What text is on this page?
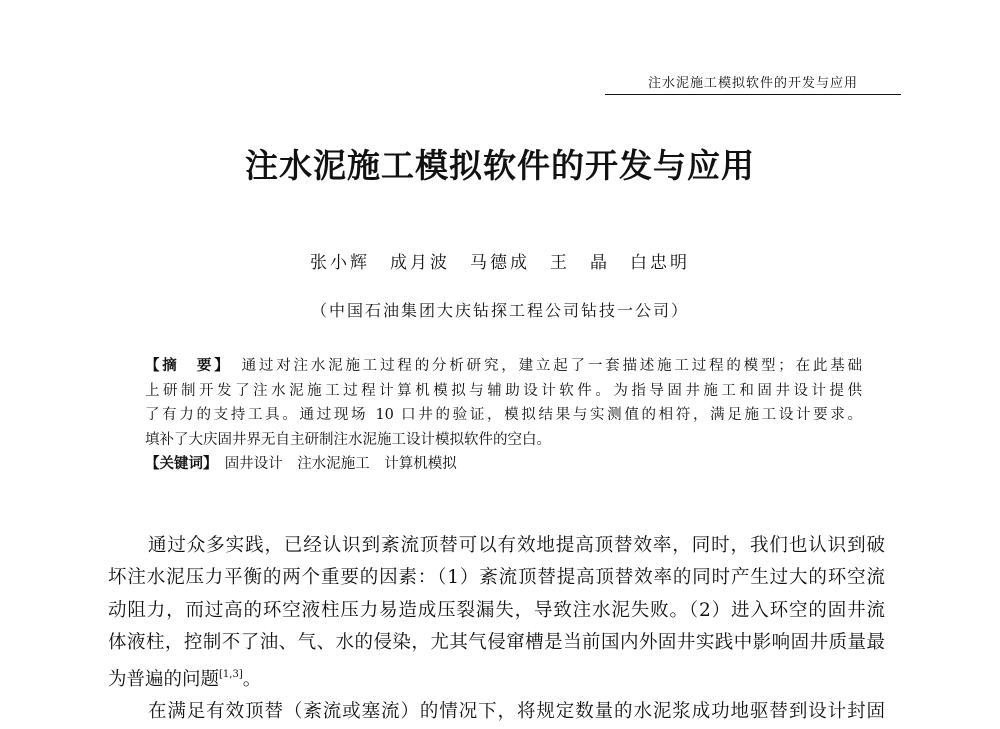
注水泥施工模拟软件的开发与应用
注水泥施工模拟软件的开发与应用
张小辉　成月波　马德成　王　晶　白忠明
（中国石油集团大庆钻探工程公司钻技一公司）
【摘　要】　 通过对注水泥施工过程的分析研究，建立起了一套描述施工过程的模型；在此基础
上研制开发了注水泥施工过程计算机模拟与辅助设计软件。为指导固井施工和固井设计提供
了有力的支持工具。通过现场 10 口井的验证，模拟结果与实测值的相符，满足施工设计要求。
填补了大庆固井界无自主研制注水泥施工设计模拟软件的空白。
【关键词】　 固井设计　注水泥施工　计算机模拟
通过众多实践，已经认识到紊流顶替可以有效地提高顶替效率，同时，我们也认识到破
坏注水泥压力平衡的两个重要的因素：（1）紊流顶替提高顶替效率的同时产生过大的环空流
动阻力，而过高的环空液柱压力易造成压裂漏失，导致注水泥失败。（2）进入环空的固井流
体液柱，控制不了油、气、水的侵染，尤其气侵窜槽是当前国内外固井实践中影响固井质量最
为普遍的问题[1,3]。
在满足有效顶替（紊流或塞流）的情况下，将规定数量的水泥浆成功地驱替到设计封固
